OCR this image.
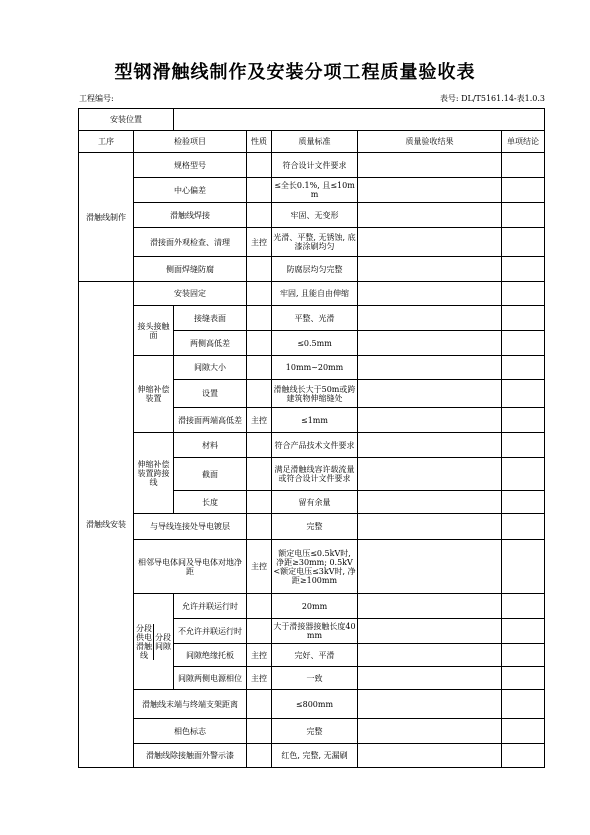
型钢滑触线制作及安装分项工程质量验收表
工程编号:	表号: DL/T5161.14-表1.0.3
安装位置	
工序	检验项目	性质	质量标准	质量验收结果	单项结论
滑触线制作	规格型号		符合设计文件要求		
中心偏差		≤全长0.1%, 且≤10mm		
滑触线焊接		牢固、无变形		
滑接面外观检查、清理	主控	光滑、平整, 无锈蚀, 底漆涂刷均匀		
侧面焊缝防腐		防腐层均匀完整		
滑触线安装	安装固定		牢固, 且能自由伸缩		
接头接触面	接缝表面		平整、光滑		
两侧高低差		≤0.5mm		
伸缩补偿装置	间隙大小		10mm~20mm		
设置		滑触线长大于50m或跨建筑物伸缩缝处		
滑接面两端高低差	主控	≤1mm		
伸缩补偿装置跨接线	材料		符合产品技术文件要求		
截面		满足滑触线容许载流量或符合设计文件要求		
长度		留有余量		
与导线连接处导电镀层		完整		
相邻导电体间及导电体对地净距	主控	额定电压≤0.5kV时, 净距≥30mm; 0.5kV<额定电压≤3kV时, 净距≥100mm		

分段供电滑触线	分段间隙
	允许并联运行时		20mm		
不允许并联运行时		大于滑接器接触长度40mm		
间隙绝缘托板	主控	完好、平滑		
间隙两侧电源相位	主控	一致		
滑触线末端与终端支架距离		≤800mm		
相色标志		完整		
滑触线除接触面外警示漆		红色, 完整, 无漏刷		
